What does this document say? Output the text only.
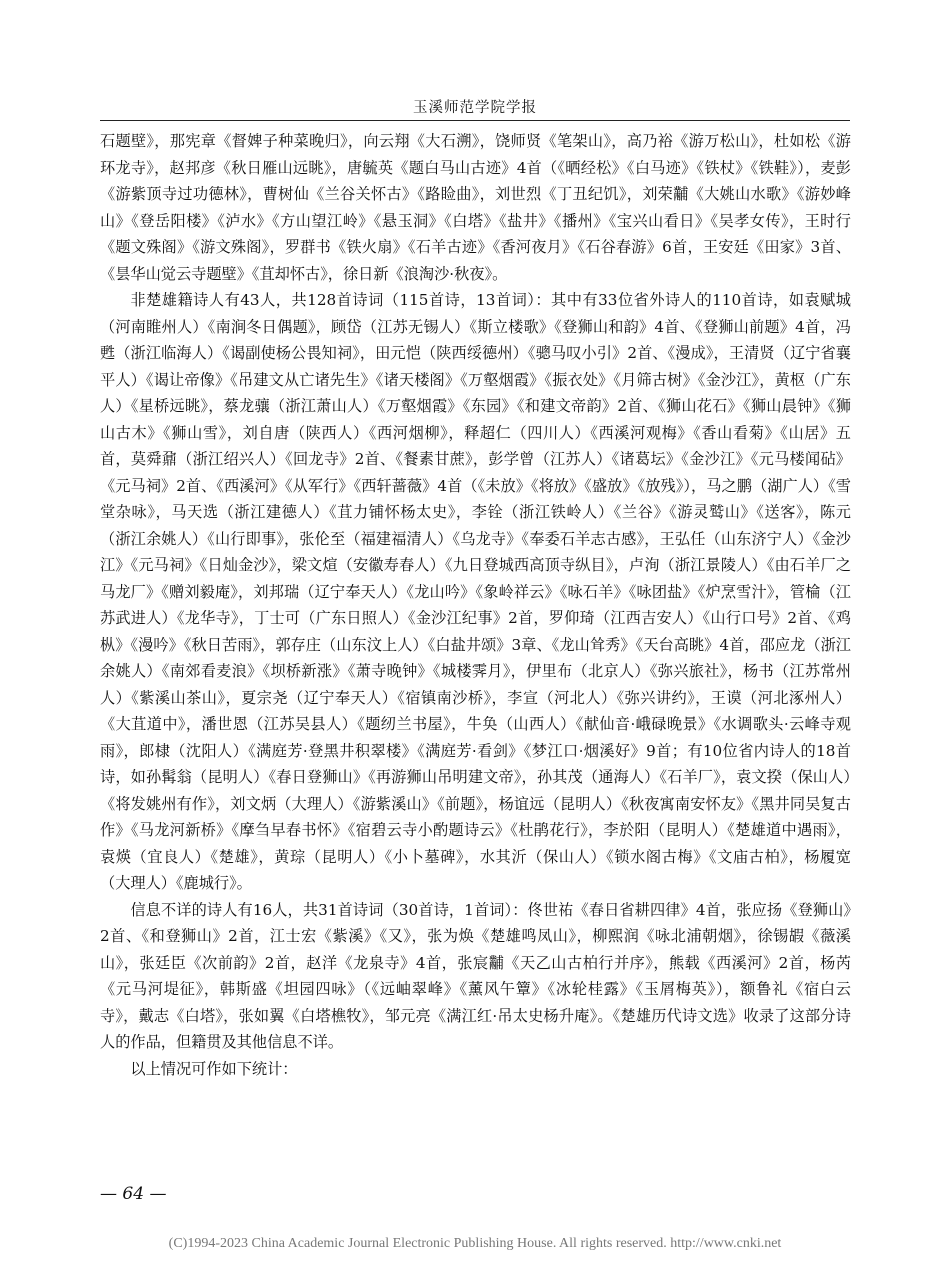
玉溪师范学院学报

石题壁》，那宪章《督婢子种菜晚归》，向云翔《大石溯》，饶师贤《笔架山》，高乃裕《游万松山》，杜如松《游环龙寺》，赵邦彦《秋日雁山远眺》，唐毓英《题白马山古迹》4首（《晒经松》《白马迹》《铁杖》《铁鞋》），麦彭《游紫顶寺过功德林》，曹树仙《兰谷关怀古》《路睑曲》，刘世烈《丁丑纪饥》，刘荣黼《大姚山水歌》《游妙峰山》《登岳阳楼》《泸水》《方山望江岭》《悬玉洞》《白塔》《盐井》《播州》《宝兴山看日》《吴孝女传》，王时行《题文殊阁》《游文殊阁》，罗群书《铁火扇》《石羊古迹》《香河夜月》《石谷春游》6首，王安廷《田家》3首、《昙华山觉云寺题壁》《苴却怀古》，徐日新《浪淘沙·秋夜》。

非楚雄籍诗人有43人，共128首诗词（115首诗，13首词）：其中有33位省外诗人的110首诗，如袁赋城（河南睢州人）《南涧冬日偶题》，顾岱（江苏无锡人）《斯立楼歌》《登狮山和韵》4首、《登狮山前题》4首，冯甦（浙江临海人）《谒副使杨公畏知祠》，田元恺（陕西绥德州）《骢马叹小引》2首、《漫成》，王清贤（辽宁省襄平人）《谒让帝像》《吊建文从亡诸先生》《诸天楼阁》《万壑烟霞》《振衣处》《月筛古树》《金沙江》，黄枢（广东人）《星桥远眺》，蔡龙骧（浙江萧山人）《万壑烟霞》《东园》《和建文帝韵》2首、《狮山花石》《狮山晨钟》《狮山古木》《狮山雪》，刘自唐（陕西人）《西河烟柳》，释超仁（四川人）《西溪河观梅》《香山看菊》《山居》五首，莫舜鼐（浙江绍兴人）《回龙寺》2首、《餐素甘蔗》，彭学曾（江苏人）《诸葛坛》《金沙江》《元马楼闻砧》《元马祠》2首、《西溪河》《从军行》《西轩蔷薇》4首（《未放》《将放》《盛放》《放残》），马之鹏（湖广人）《雪堂杂咏》，马天选（浙江建德人）《苴力铺怀杨太史》，李铨（浙江铁岭人）《兰谷》《游灵鹫山》《送客》，陈元（浙江余姚人）《山行即事》，张伦至（福建福清人）《乌龙寺》《奉委石羊志古感》，王弘任（山东济宁人）《金沙江》《元马祠》《日灿金沙》，梁文煊（安徽寿春人）《九日登城西高顶寺纵目》，卢洵（浙江景陵人）《由石羊厂之马龙厂》《赠刘毅庵》，刘邦瑞（辽宁奉天人）《龙山吟》《象岭祥云》《咏石羊》《咏团盐》《炉烹雪汁》，管棆（江苏武进人）《龙华寺》，丁士可（广东日照人）《金沙江纪事》2首，罗仰琦（江西吉安人）《山行口号》2首、《鸡枞》《漫吟》《秋日苦雨》，郭存庄（山东汶上人）《白盐井颂》3章、《龙山耸秀》《天台高眺》4首，邵应龙（浙江余姚人）《南郊看麦浪》《坝桥新涨》《萧寺晚钟》《城楼霁月》，伊里布（北京人）《弥兴旅社》，杨书（江苏常州人）《紫溪山茶山》，夏宗尧（辽宁奉天人）《宿镇南沙桥》，李宣（河北人）《弥兴讲约》，王谟（河北涿州人）《大苴道中》，潘世恩（江苏吴县人）《题纫兰书屋》，牛奂（山西人）《献仙音·峨碌晚景》《水调歌头·云峰寺观雨》，郎棣（沈阳人）《满庭芳·登黑井积翠楼》《满庭芳·看剑》《梦江口·烟溪好》9首；有10位省内诗人的18首诗，如孙髯翁（昆明人）《春日登狮山》《再游狮山吊明建文帝》，孙其茂（通海人）《石羊厂》，袁文揆（保山人）《将发姚州有作》，刘文炳（大理人）《游紫溪山》《前题》，杨谊远（昆明人）《秋夜寓南安怀友》《黑井同吴复古作》《马龙河新桥》《摩刍早春书怀》《宿碧云寺小酌题诗云》《杜鹃花行》，李於阳（昆明人）《楚雄道中遇雨》，袁煐（宜良人）《楚雄》，黄琮（昆明人）《小卜墓碑》，水其沂（保山人）《锁水阁古梅》《文庙古柏》，杨履宽（大理人）《鹿城行》。

信息不详的诗人有16人，共31首诗词（30首诗，1首词）：佟世祐《春日省耕四律》4首，张应扬《登狮山》2首、《和登狮山》2首，江士宏《紫溪》《又》，张为焕《楚雄鸣凤山》，柳熙润《咏北浦朝烟》，徐锡嘏《薇溪山》，张廷臣《次前韵》2首，赵洋《龙泉寺》4首，张宸黼《天乙山古柏行并序》，熊载《西溪河》2首，杨芮《元马河堤征》，韩斯盛《坦园四咏》（《远岫翠峰》《薰风午簟》《冰轮桂露》《玉屑梅英》），额鲁礼《宿白云寺》，戴志《白塔》，张如翼《白塔樵牧》，邹元亮《满江红·吊太史杨升庵》。《楚雄历代诗文选》收录了这部分诗人的作品，但籍贯及其他信息不详。

以上情况可作如下统计：

— 64 —
(C)1994-2023 China Academic Journal Electronic Publishing House. All rights reserved. http://www.cnki.net
